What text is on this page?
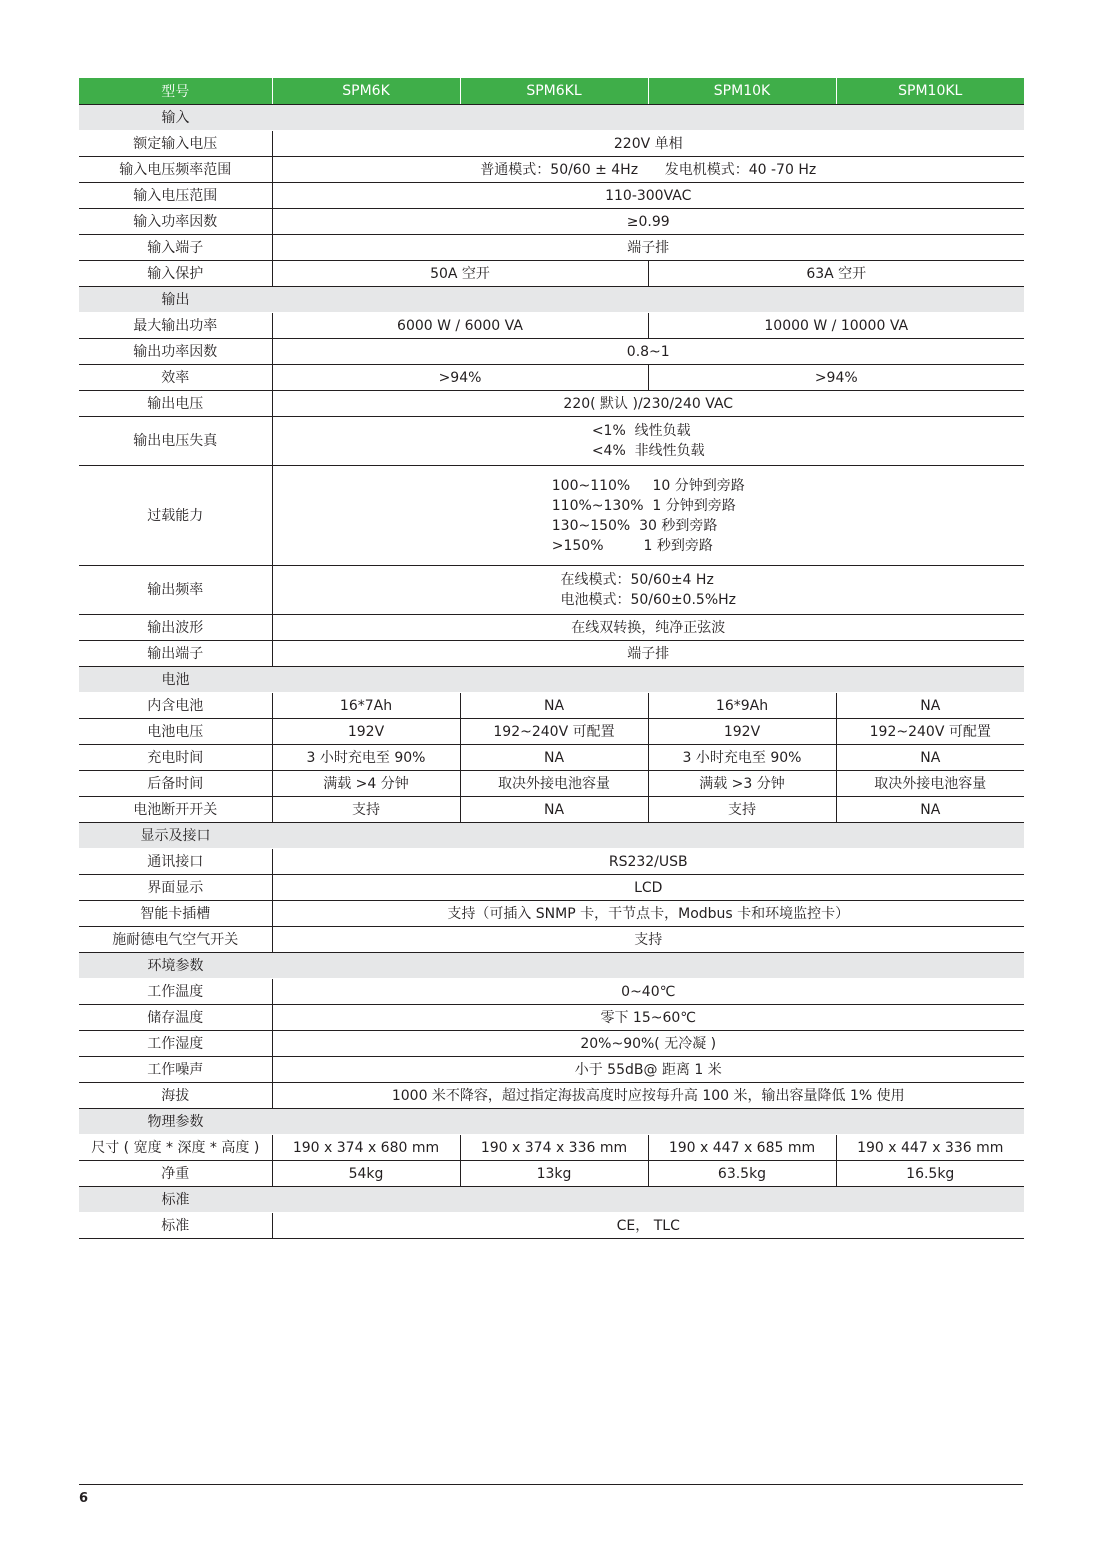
型号	SPM6K	SPM6KL	SPM10K	SPM10KL
输入				
额定输入电压	220V 单相			
输入电压频率范围	普通模式：50/60 ± 4Hz      发电机模式：40 -70 Hz			
输入电压范围	110-300VAC			
输入功率因数	≥0.99			
输入端子	端子排			
输入保护	50A 空开		63A 空开	
输出				
最大输出功率	6000 W / 6000 VA		10000 W / 10000 VA	
输出功率因数	0.8~1			
效率	>94%		>94%	
输出电压	220( 默认 )/230/240 VAC			
输出电压失真	<1%  线性负载
<4%  非线性负载			
过载能力	100~110%     10 分钟到旁路
110%~130%  1 分钟到旁路
130~150%  30 秒到旁路
>150%         1 秒到旁路			
输出频率	在线模式：50/60±4 Hz
电池模式：50/60±0.5%Hz			
输出波形	在线双转换，纯净正弦波			
输出端子	端子排			
电池				
内含电池	16*7Ah	NA	16*9Ah	NA
电池电压	192V	192~240V 可配置	192V	192~240V 可配置
充电时间	3 小时充电至 90%	NA	3 小时充电至 90%	NA
后备时间	满载 >4 分钟	取决外接电池容量	满载 >3 分钟	取决外接电池容量
电池断开开关	支持	NA	支持	NA
显示及接口				
通讯接口	RS232/USB			
界面显示	LCD			
智能卡插槽	支持（可插入 SNMP 卡，干节点卡，Modbus 卡和环境监控卡）			
施耐德电气空气开关	支持			
环境参数				
工作温度	0~40℃			
储存温度	零下 15~60℃			
工作湿度	20%~90%( 无冷凝 )			
工作噪声	小于 55dB@ 距离 1 米			
海拔	1000 米不降容，超过指定海拔高度时应按每升高 100 米，输出容量降低 1% 使用			
物理参数				
尺寸 ( 宽度 * 深度 * 高度 )	190 x 374 x 680 mm	190 x 374 x 336 mm	190 x 447 x 685 mm	190 x 447 x 336 mm
净重	54kg	13kg	63.5kg	16.5kg
标准				
标准	CE， TLC			
6
